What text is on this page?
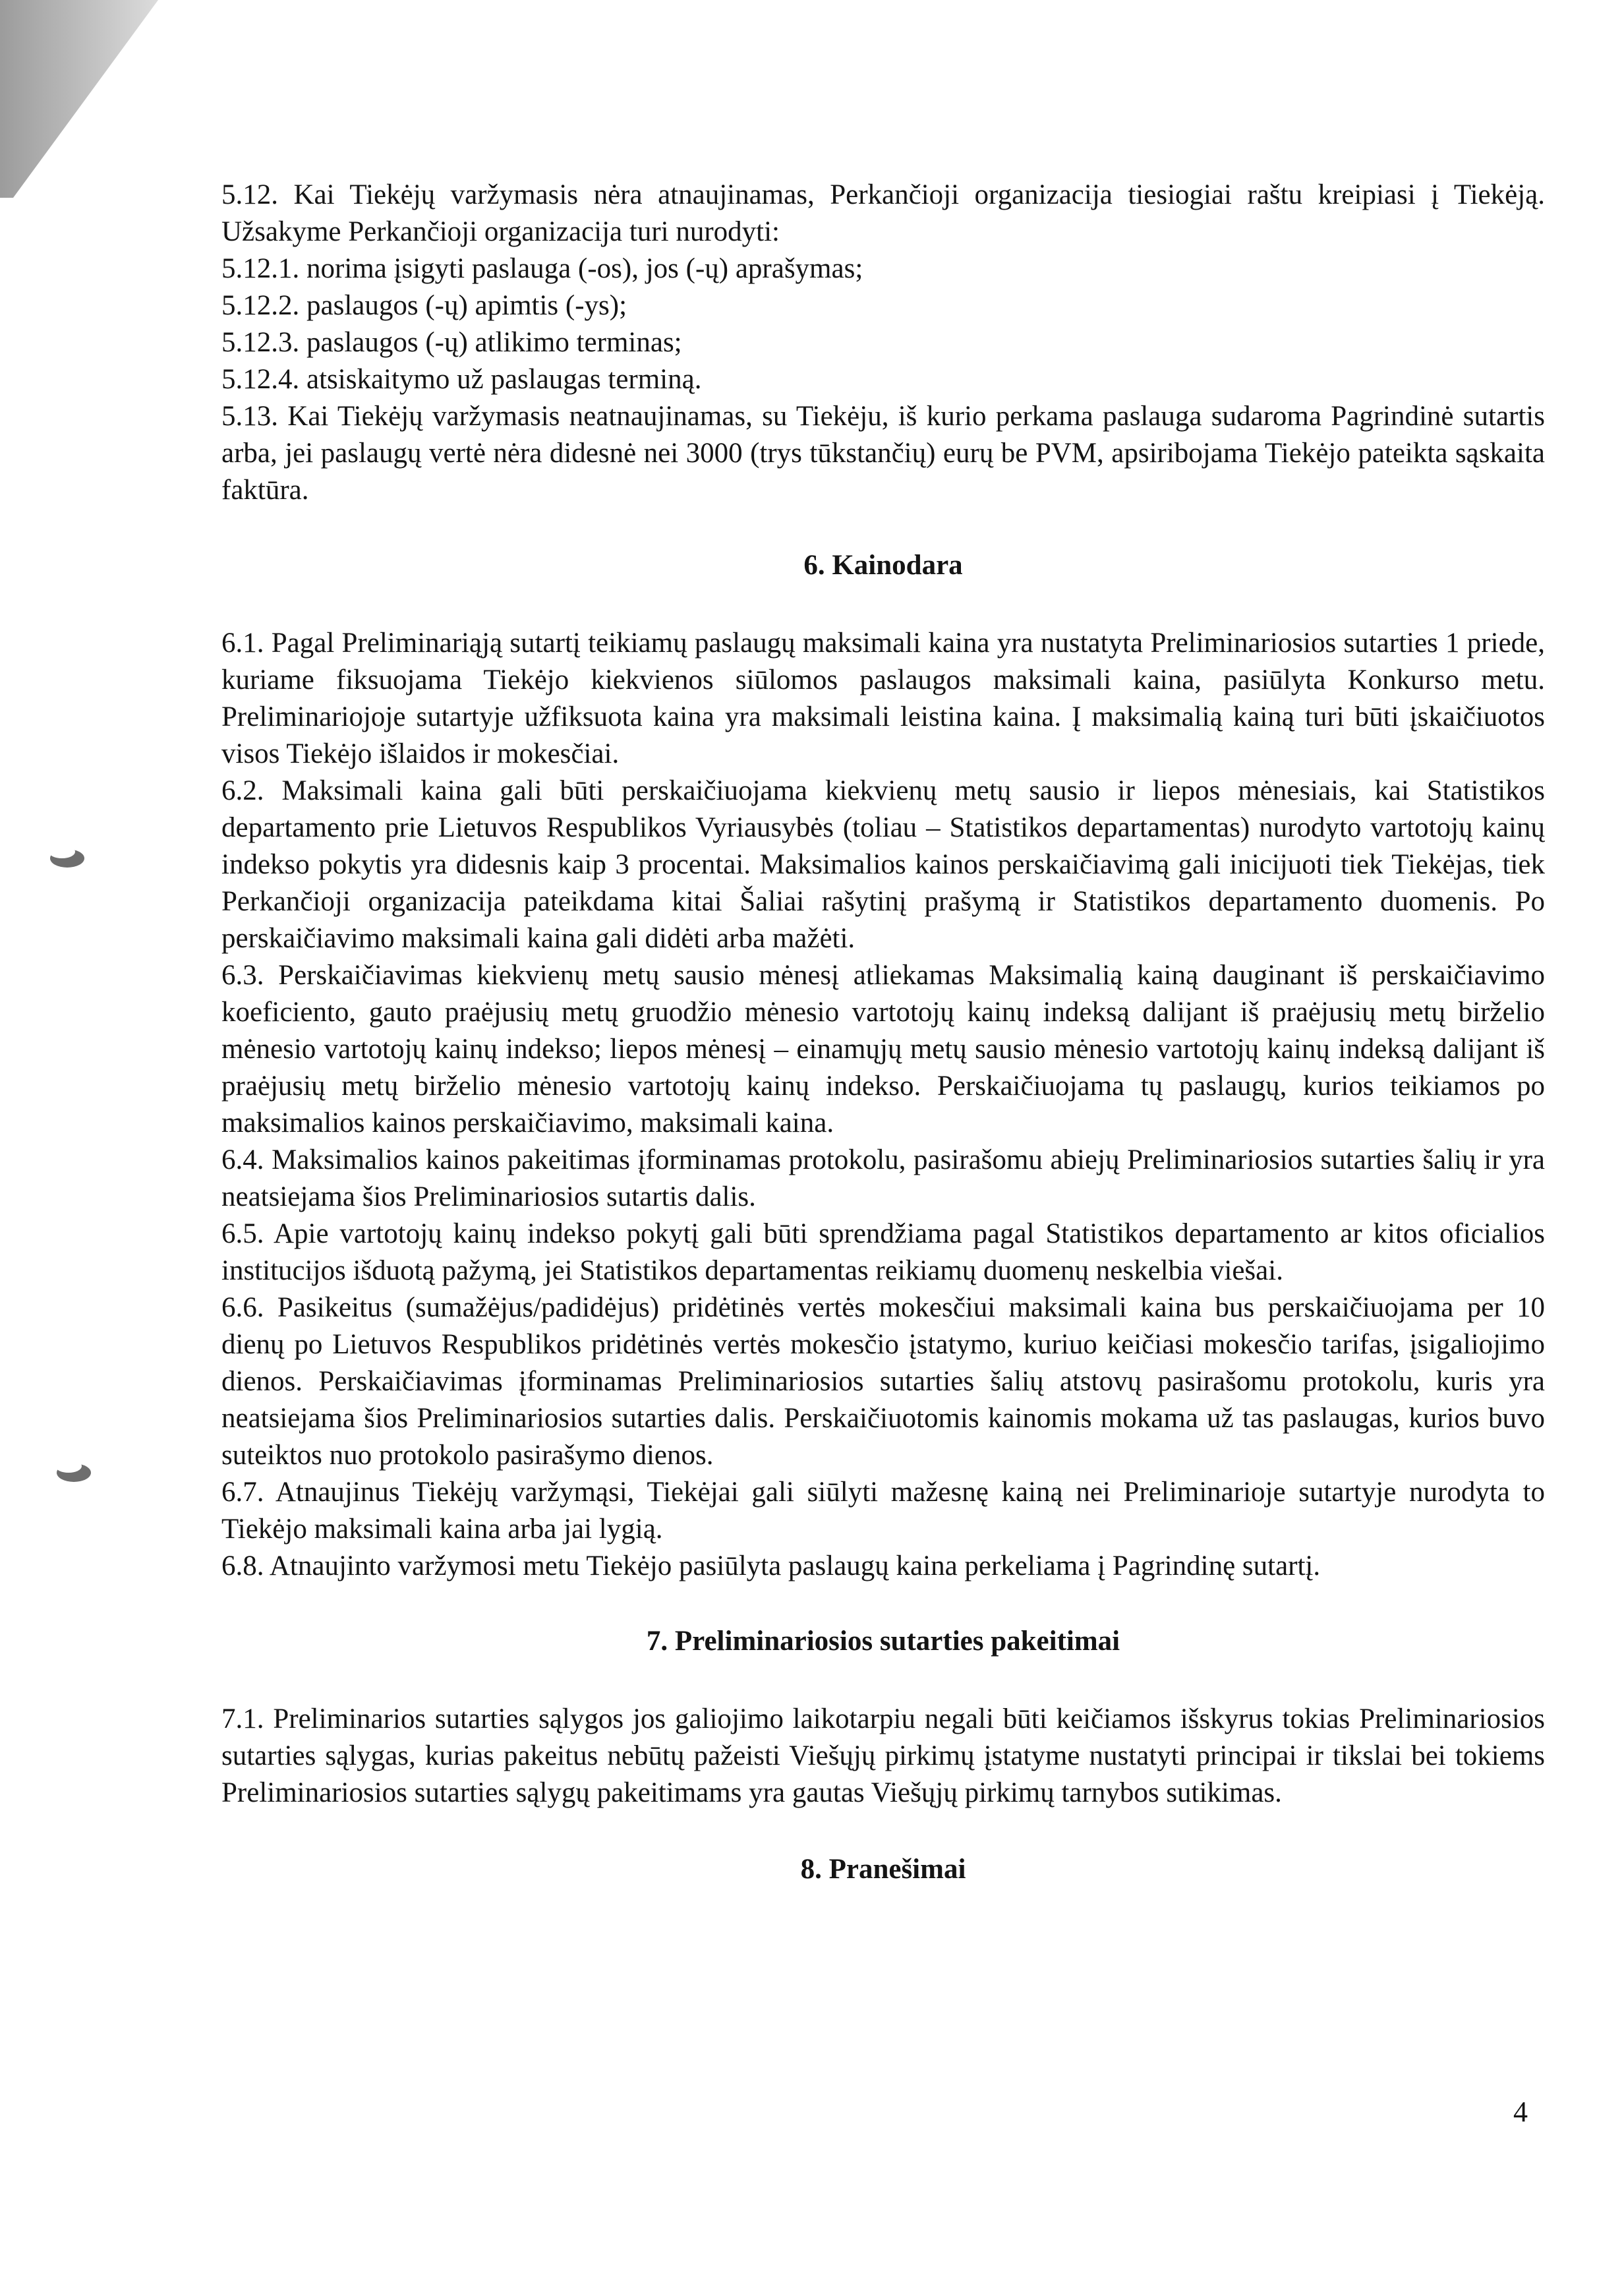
5.12. Kai Tiekėjų varžymasis nėra atnaujinamas, Perkančioji organizacija tiesiogiai raštu kreipiasi į Tiekėją. Užsakyme Perkančioji organizacija turi nurodyti:

5.12.1. norima įsigyti paslauga (-os), jos (-ų) aprašymas;

5.12.2. paslaugos (-ų) apimtis (-ys);

5.12.3. paslaugos (-ų) atlikimo terminas;

5.12.4. atsiskaitymo už paslaugas terminą.

5.13. Kai Tiekėjų varžymasis neatnaujinamas, su Tiekėju, iš kurio perkama paslauga sudaroma Pagrindinė sutartis arba, jei paslaugų vertė nėra didesnė nei 3000 (trys tūkstančių) eurų be PVM, apsiribojama Tiekėjo pateikta sąskaita faktūra.

6. Kainodara

6.1. Pagal Preliminariąją sutartį teikiamų paslaugų maksimali kaina yra nustatyta Preliminariosios sutarties 1 priede, kuriame fiksuojama Tiekėjo kiekvienos siūlomos paslaugos maksimali kaina, pasiūlyta Konkurso metu. Preliminariojoje sutartyje užfiksuota kaina yra maksimali leistina kaina. Į maksimalią kainą turi būti įskaičiuotos visos Tiekėjo išlaidos ir mokesčiai.

6.2. Maksimali kaina gali būti perskaičiuojama kiekvienų metų sausio ir liepos mėnesiais, kai Statistikos departamento prie Lietuvos Respublikos Vyriausybės (toliau – Statistikos departamentas) nurodyto vartotojų kainų indekso pokytis yra didesnis kaip 3 procentai. Maksimalios kainos perskaičiavimą gali inicijuoti tiek Tiekėjas, tiek Perkančioji organizacija pateikdama kitai Šaliai rašytinį prašymą ir Statistikos departamento duomenis. Po perskaičiavimo maksimali kaina gali didėti arba mažėti.

6.3. Perskaičiavimas kiekvienų metų sausio mėnesį atliekamas Maksimalią kainą dauginant iš perskaičiavimo koeficiento, gauto praėjusių metų gruodžio mėnesio vartotojų kainų indeksą dalijant iš praėjusių metų birželio mėnesio vartotojų kainų indekso; liepos mėnesį – einamųjų metų sausio mėnesio vartotojų kainų indeksą dalijant iš praėjusių metų birželio mėnesio vartotojų kainų indekso. Perskaičiuojama tų paslaugų, kurios teikiamos po maksimalios kainos perskaičiavimo, maksimali kaina.

6.4. Maksimalios kainos pakeitimas įforminamas protokolu, pasirašomu abiejų Preliminariosios sutarties šalių ir yra neatsiejama šios Preliminariosios sutartis dalis.

6.5. Apie vartotojų kainų indekso pokytį gali būti sprendžiama pagal Statistikos departamento ar kitos oficialios institucijos išduotą pažymą, jei Statistikos departamentas reikiamų duomenų neskelbia viešai.

6.6. Pasikeitus (sumažėjus/padidėjus) pridėtinės vertės mokesčiui maksimali kaina bus perskaičiuojama per 10 dienų po Lietuvos Respublikos pridėtinės vertės mokesčio įstatymo, kuriuo keičiasi mokesčio tarifas, įsigaliojimo dienos. Perskaičiavimas įforminamas Preliminariosios sutarties šalių atstovų pasirašomu protokolu, kuris yra neatsiejama šios Preliminariosios sutarties dalis. Perskaičiuotomis kainomis mokama už tas paslaugas, kurios buvo suteiktos nuo protokolo pasirašymo dienos.

6.7. Atnaujinus Tiekėjų varžymąsi, Tiekėjai gali siūlyti mažesnę kainą nei Preliminarioje sutartyje nurodyta to Tiekėjo maksimali kaina arba jai lygią.

6.8. Atnaujinto varžymosi metu Tiekėjo pasiūlyta paslaugų kaina perkeliama į Pagrindinę sutartį.

7. Preliminariosios sutarties pakeitimai

7.1. Preliminarios sutarties sąlygos jos galiojimo laikotarpiu negali būti keičiamos išskyrus tokias Preliminariosios sutarties sąlygas, kurias pakeitus nebūtų pažeisti Viešųjų pirkimų įstatyme nustatyti principai ir tikslai bei tokiems Preliminariosios sutarties sąlygų pakeitimams yra gautas Viešųjų pirkimų tarnybos sutikimas.

8. Pranešimai
4
